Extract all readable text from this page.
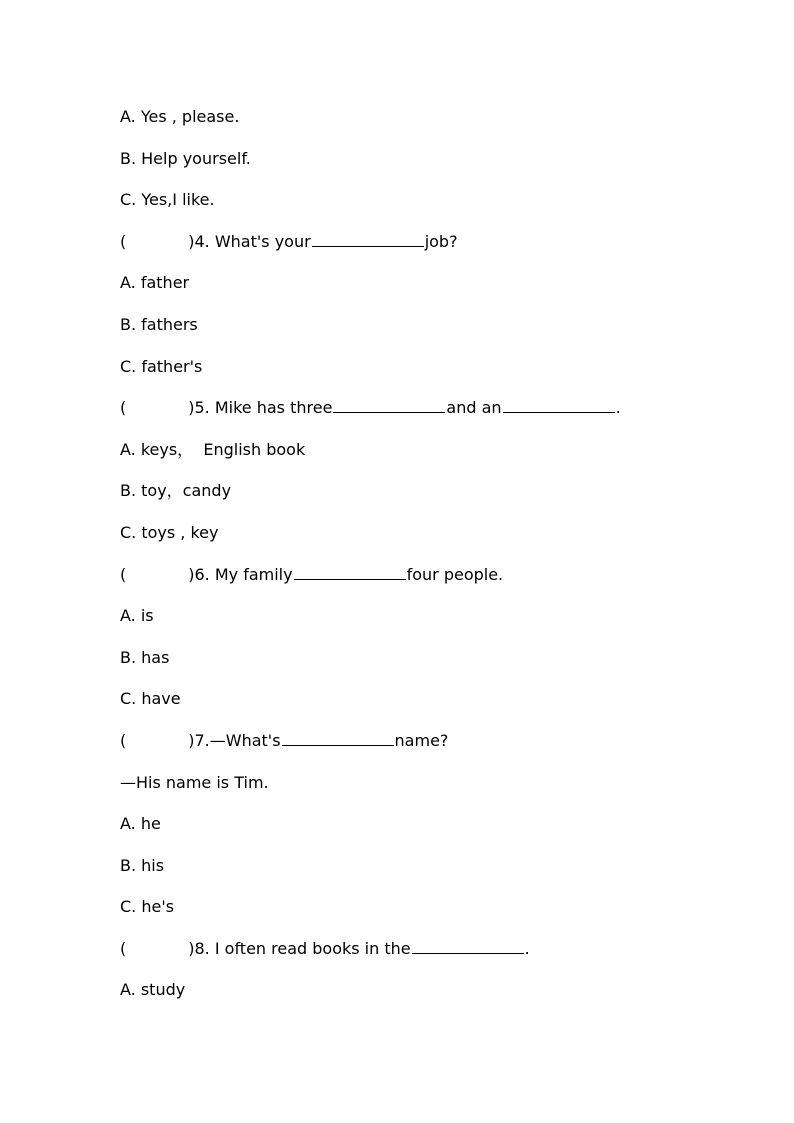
A. Yes , please.
B. Help yourself.
C. Yes,I like.
(	)4. What's your	job?
A. father
B. fathers
C. father's
(	)5. Mike has three	and an	.
A. keys，  English book
B. toy，candy
C. toys , key
(	)6. My family	four people.
A. is
B. has
C. have
(	)7.—What's	name?
—His name is Tim.
A. he
B. his
C. he's
(	)8. I often read books in the	.
A. study
